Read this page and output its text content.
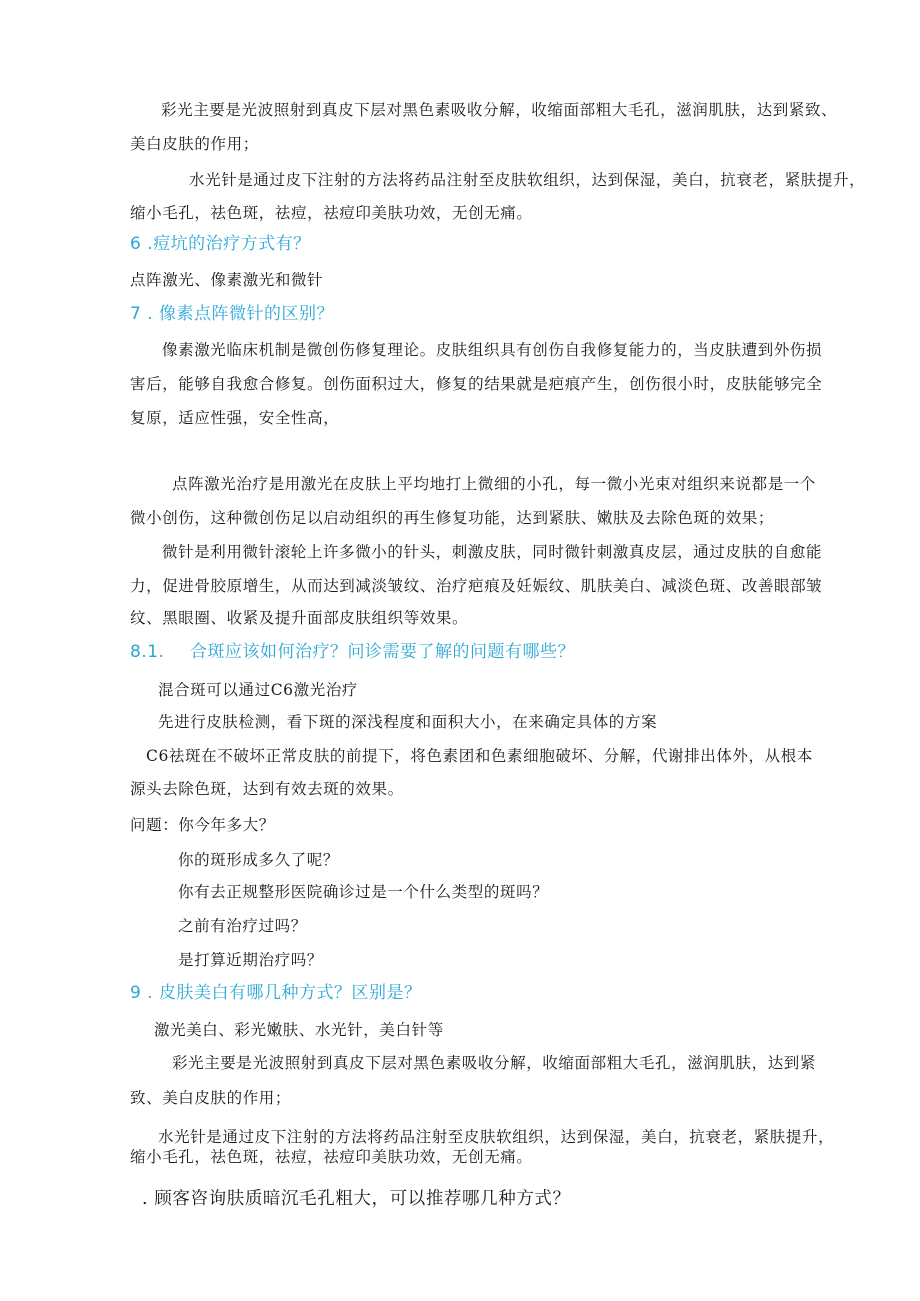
彩光主要是光波照射到真皮下层对黑色素吸收分解，收缩面部粗大毛孔，滋润肌肤，达到紧致、
美白皮肤的作用；
水光针是通过皮下注射的方法将药品注射至皮肤软组织，达到保湿，美白，抗衰老，紧肤提升，
缩小毛孔，祛色斑，祛痘，祛痘印美肤功效，无创无痛。
6 .痘坑的治疗方式有？
点阵激光、像素激光和微针
7 . 像素点阵微针的区别？
像素激光临床机制是微创伤修复理论。皮肤组织具有创伤自我修复能力的，当皮肤遭到外伤损
害后，能够自我愈合修复。创伤面积过大，修复的结果就是疤痕产生，创伤很小时，皮肤能够完全
复原，适应性强，安全性高，
点阵激光治疗是用激光在皮肤上平均地打上微细的小孔，每一微小光束对组织来说都是一个
微小创伤，这种微创伤足以启动组织的再生修复功能，达到紧肤、嫩肤及去除色斑的效果；
微针是利用微针滚轮上许多微小的针头，刺激皮肤，同时微针刺激真皮层，通过皮肤的自愈能
力，促进骨胶原增生，从而达到减淡皱纹、治疗疤痕及妊娠纹、肌肤美白、减淡色斑、改善眼部皱
纹、黑眼圈、收紧及提升面部皮肤组织等效果。
8.1. 合斑应该如何治疗？问诊需要了解的问题有哪些？
混合斑可以通过C6激光治疗
先进行皮肤检测，看下斑的深浅程度和面积大小，在来确定具体的方案
C6祛斑在不破坏正常皮肤的前提下，将色素团和色素细胞破坏、分解，代谢排出体外，从根本
源头去除色斑，达到有效去斑的效果。
问题：你今年多大？
你的斑形成多久了呢？
你有去正规整形医院确诊过是一个什么类型的斑吗？
之前有治疗过吗？
是打算近期治疗吗？
9 . 皮肤美白有哪几种方式？区别是？
激光美白、彩光嫩肤、水光针，美白针等
彩光主要是光波照射到真皮下层对黑色素吸收分解，收缩面部粗大毛孔，滋润肌肤，达到紧
致、美白皮肤的作用；
水光针是通过皮下注射的方法将药品注射至皮肤软组织，达到保湿，美白，抗衰老，紧肤提升，
缩小毛孔，祛色斑，祛痘，祛痘印美肤功效，无创无痛。
. 顾客咨询肤质暗沉毛孔粗大，可以推荐哪几种方式？
